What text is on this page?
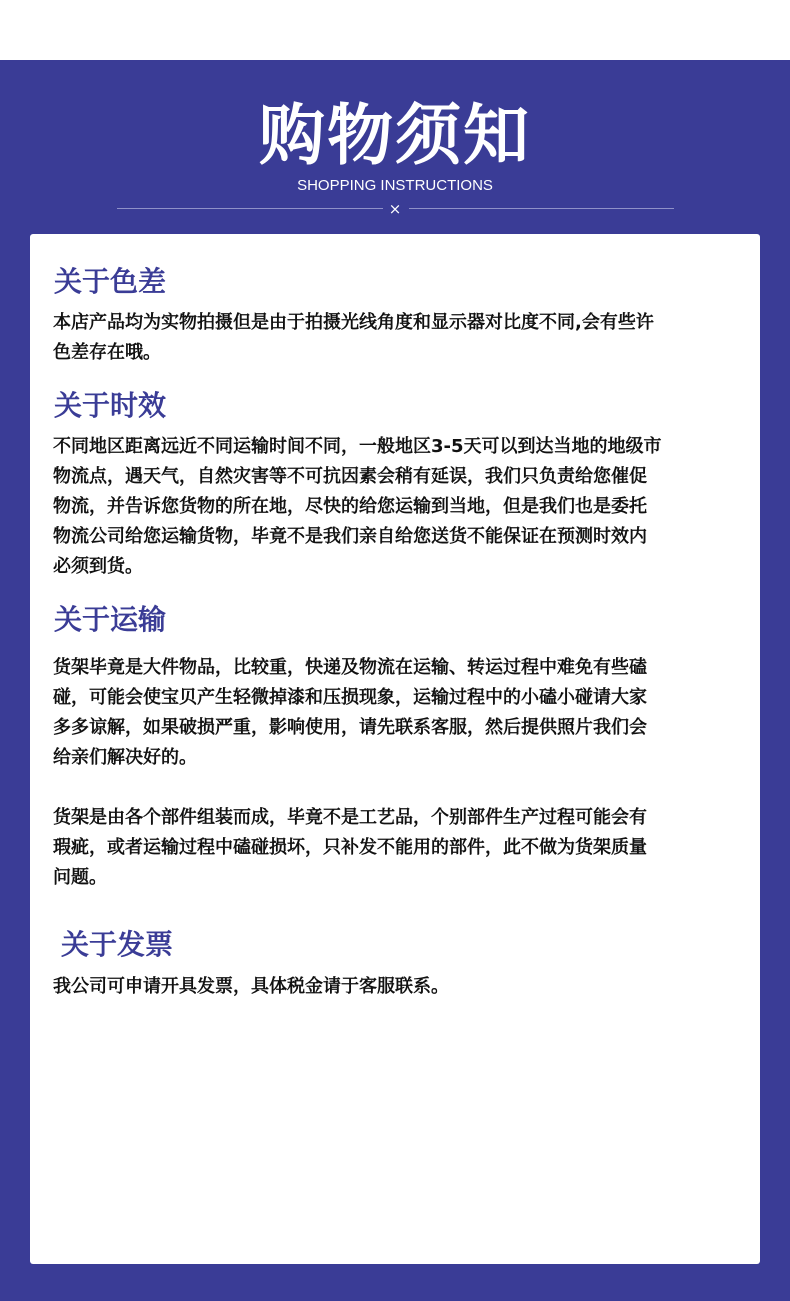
购物须知
SHOPPING INSTRUCTIONS
×
关于色差
本店产品均为实物拍摄但是由于拍摄光线角度和显示器对比度不同,会有些许
色差存在哦。
关于时效
不同地区距离远近不同运输时间不同，一般地区3-5天可以到达当地的地级市
物流点，遇天气，自然灾害等不可抗因素会稍有延误，我们只负责给您催促
物流，并告诉您货物的所在地，尽快的给您运输到当地，但是我们也是委托
物流公司给您运输货物，毕竟不是我们亲自给您送货不能保证在预测时效内
必须到货。
关于运输
货架毕竟是大件物品，比较重，快递及物流在运输、转运过程中难免有些磕
碰，可能会使宝贝产生轻微掉漆和压损现象，运输过程中的小磕小碰请大家
多多谅解，如果破损严重，影响使用，请先联系客服，然后提供照片我们会
给亲们解决好的。
货架是由各个部件组装而成，毕竟不是工艺品，个别部件生产过程可能会有
瑕疵，或者运输过程中磕碰损坏，只补发不能用的部件，此不做为货架质量
问题。
关于发票
我公司可申请开具发票，具体税金请于客服联系。
